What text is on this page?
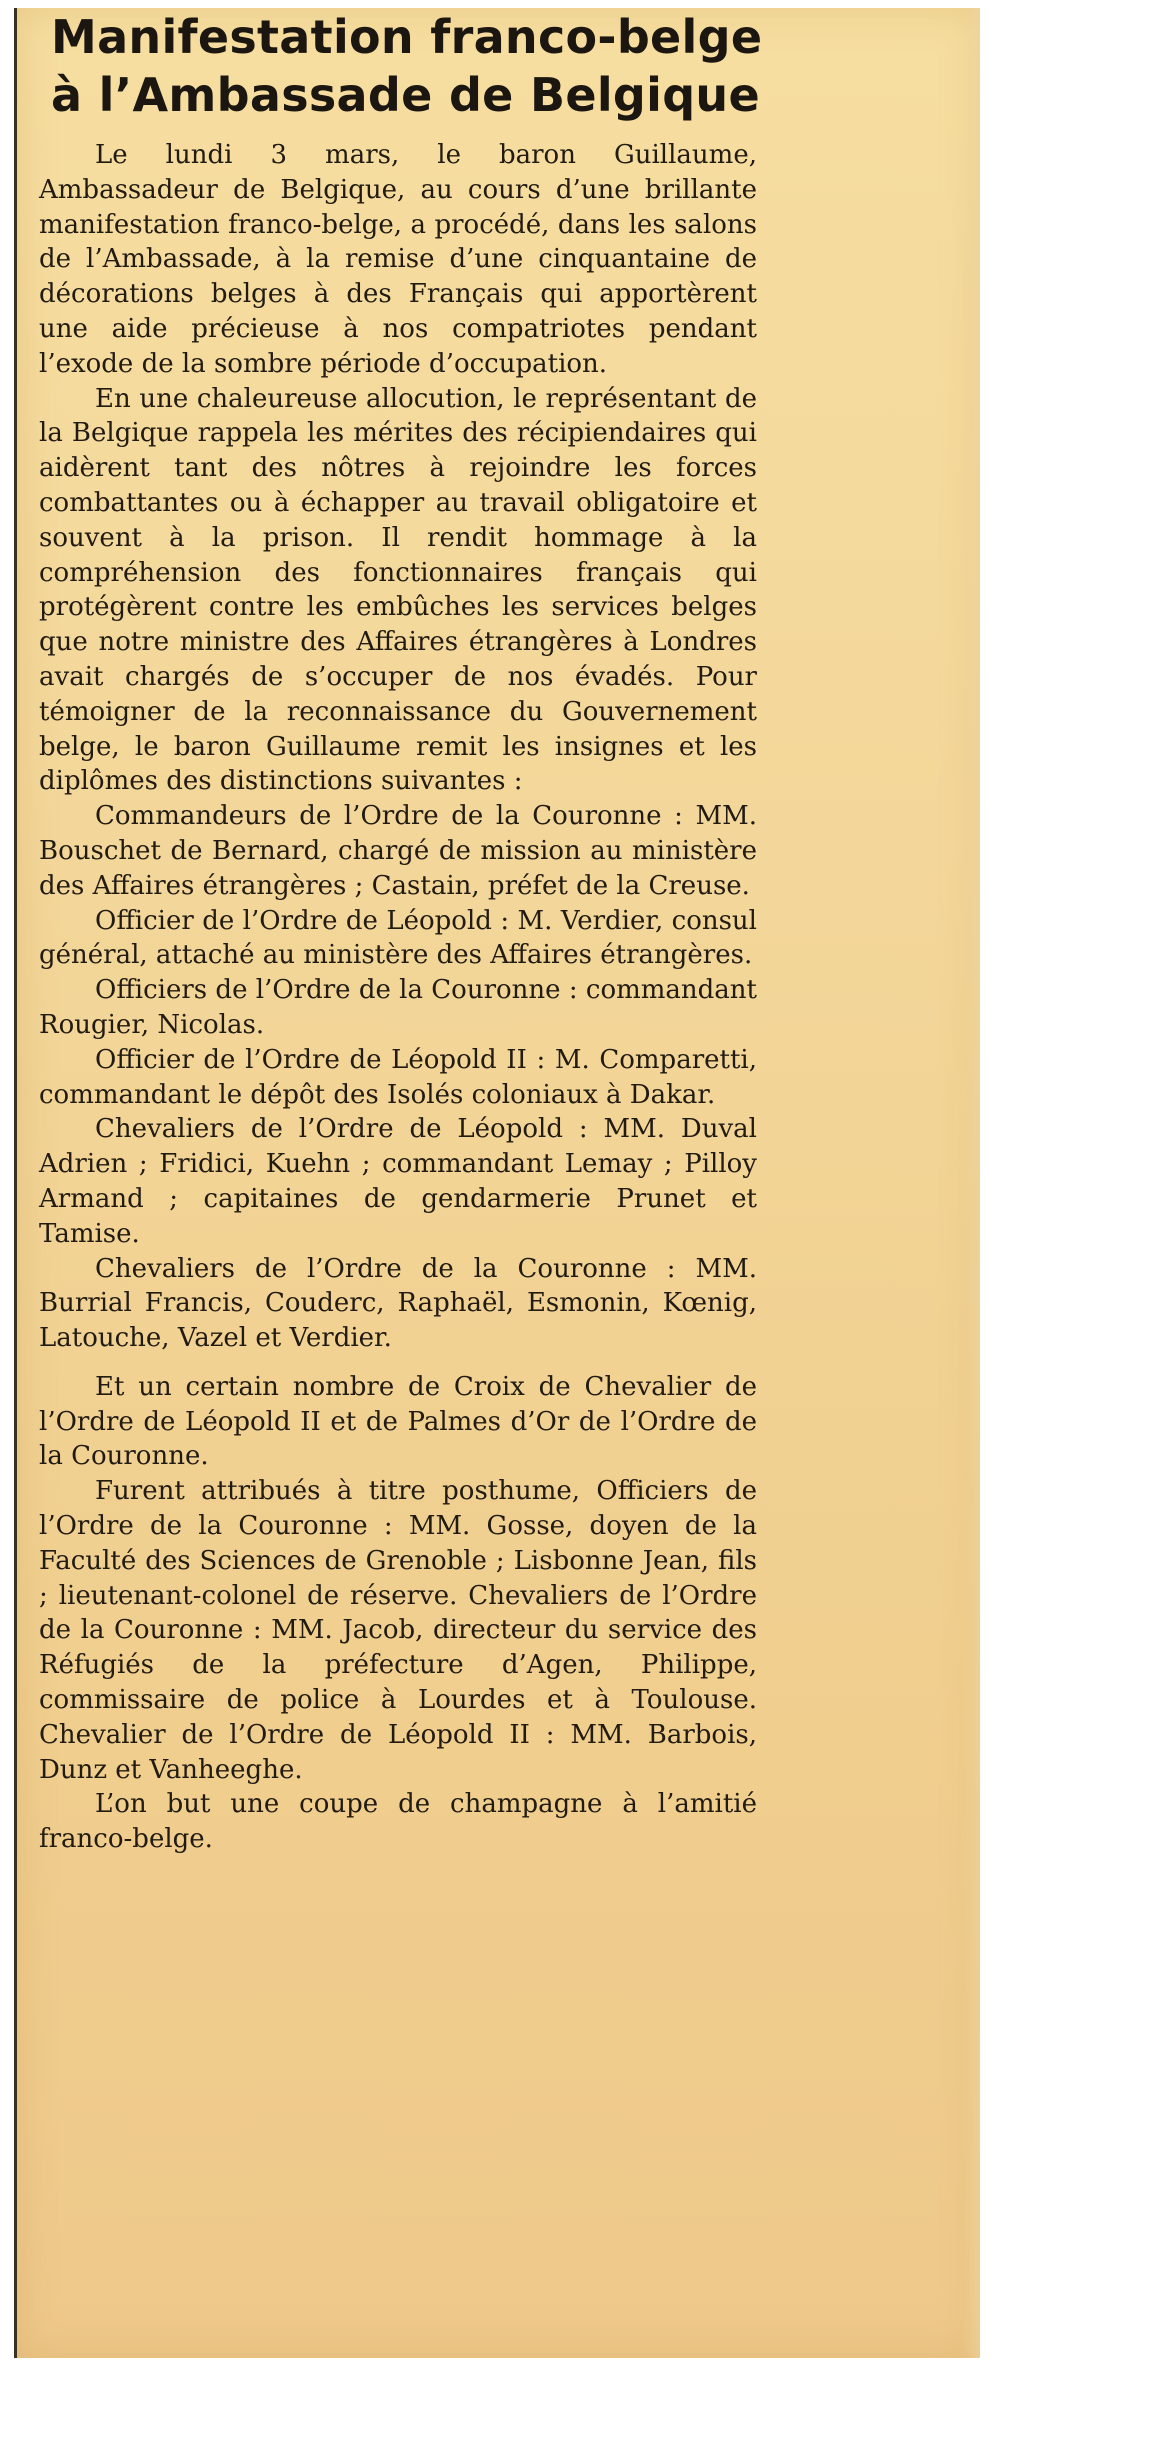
Manifestation franco-belge
à l’Ambassade de Belgique

Le lundi 3 mars, le baron Guillaume, Ambassadeur de Belgique, au cours d’une brillante manifestation franco-belge, a procédé, dans les salons de l’Ambassade, à la remise d’une cinquantaine de décorations belges à des Français qui apportèrent une aide précieuse à nos compatriotes pendant l’exode de la sombre période d’occupation.

En une chaleureuse allocution, le représentant de la Belgique rappela les mérites des récipiendaires qui aidèrent tant des nôtres à rejoindre les forces combattantes ou à échapper au travail obligatoire et souvent à la prison. Il rendit hommage à la compréhension des fonctionnaires français qui protégèrent contre les embûches les services belges que notre ministre des Affaires étrangères à Londres avait chargés de s’occuper de nos évadés. Pour témoigner de la reconnaissance du Gouvernement belge, le baron Guillaume remit les insignes et les diplômes des distinctions suivantes :

Commandeurs de l’Ordre de la Couronne : MM. Bouschet de Bernard, chargé de mission au ministère des Affaires étrangères ; Castain, préfet de la Creuse.

Officier de l’Ordre de Léopold : M. Verdier, consul général, attaché au ministère des Affaires étrangères.

Officiers de l’Ordre de la Couronne : commandant Rougier, Nicolas.

Officier de l’Ordre de Léopold II : M. Comparetti, commandant le dépôt des Isolés coloniaux à Dakar.

Chevaliers de l’Ordre de Léopold : MM. Duval Adrien ; Fridici, Kuehn ; commandant Lemay ; Pilloy Armand ; capitaines de gendarmerie Prunet et Tamise.

Chevaliers de l’Ordre de la Couronne : MM. Burrial Francis, Couderc, Raphaël, Esmonin, Kœnig, Latouche, Vazel et Verdier.

Et un certain nombre de Croix de Chevalier de l’Ordre de Léopold II et de Palmes d’Or de l’Ordre de la Couronne.

Furent attribués à titre posthume, Officiers de l’Ordre de la Couronne : MM. Gosse, doyen de la Faculté des Sciences de Grenoble ; Lisbonne Jean, fils ; lieutenant-colonel de réserve. Chevaliers de l’Ordre de la Couronne : MM. Jacob, directeur du service des Réfugiés de la préfecture d’Agen, Philippe, commissaire de police à Lourdes et à Toulouse. Chevalier de l’Ordre de Léopold II : MM. Barbois, Dunz et Vanheeghe.

L’on but une coupe de champagne à l’amitié franco-belge.
